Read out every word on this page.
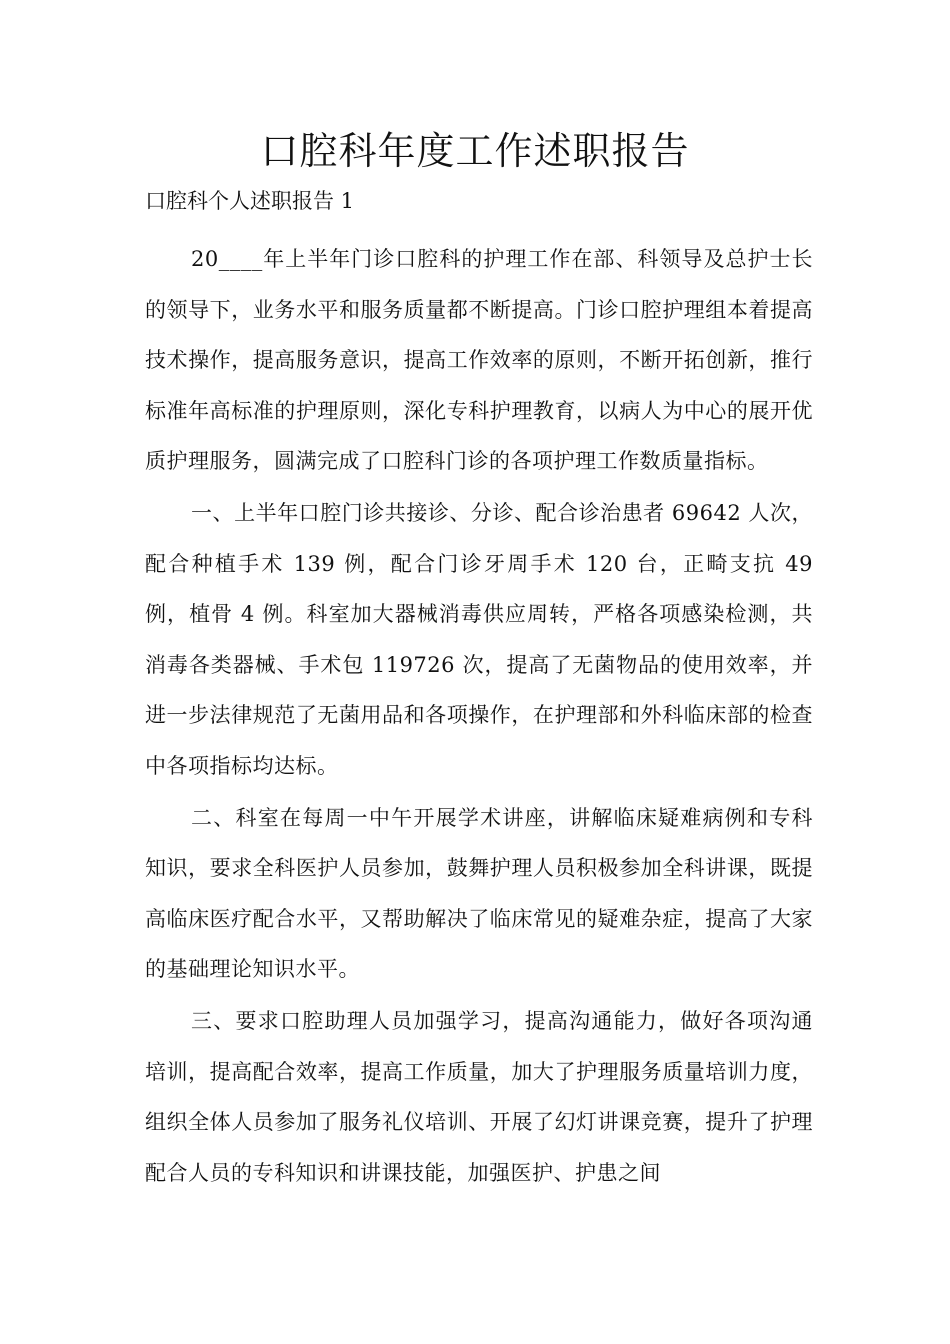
口腔科年度工作述职报告

口腔科个人述职报告 1

20____年上半年门诊口腔科的护理工作在部、科领导及总护士长的领导下，业务水平和服务质量都不断提高。门诊口腔护理组本着提高技术操作，提高服务意识，提高工作效率的原则，不断开拓创新，推行标准年高标准的护理原则，深化专科护理教育，以病人为中心的展开优质护理服务，圆满完成了口腔科门诊的各项护理工作数质量指标。

一、上半年口腔门诊共接诊、分诊、配合诊治患者 69642 人次，配合种植手术 139 例，配合门诊牙周手术 120 台，正畸支抗 49 例，植骨 4 例。科室加大器械消毒供应周转，严格各项感染检测，共消毒各类器械、手术包 119726 次，提高了无菌物品的使用效率，并进一步法律规范了无菌用品和各项操作，在护理部和外科临床部的检查中各项指标均达标。

二、科室在每周一中午开展学术讲座，讲解临床疑难病例和专科知识，要求全科医护人员参加，鼓舞护理人员积极参加全科讲课，既提高临床医疗配合水平，又帮助解决了临床常见的疑难杂症，提高了大家的基础理论知识水平。

三、要求口腔助理人员加强学习，提高沟通能力，做好各项沟通培训，提高配合效率，提高工作质量，加大了护理服务质量培训力度，组织全体人员参加了服务礼仪培训、开展了幻灯讲课竞赛，提升了护理配合人员的专科知识和讲课技能，加强医护、护患之间
